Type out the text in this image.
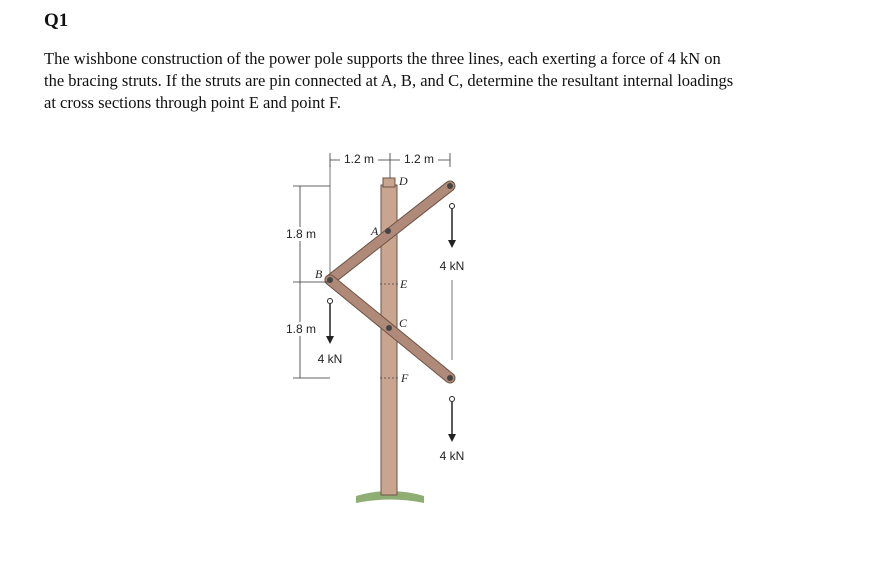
Q1
The wishbone construction of the power pole supports the three lines, each exerting a force of 4 kN on
the bracing struts. If the struts are pin connected at A, B, and C, determine the resultant internal loadings
at cross sections through point E and point F.
1.2 m 1.2 m
1.8 m
1.8 m
D
A
B
E
C
F
4 kN
4 kN
4 kN
